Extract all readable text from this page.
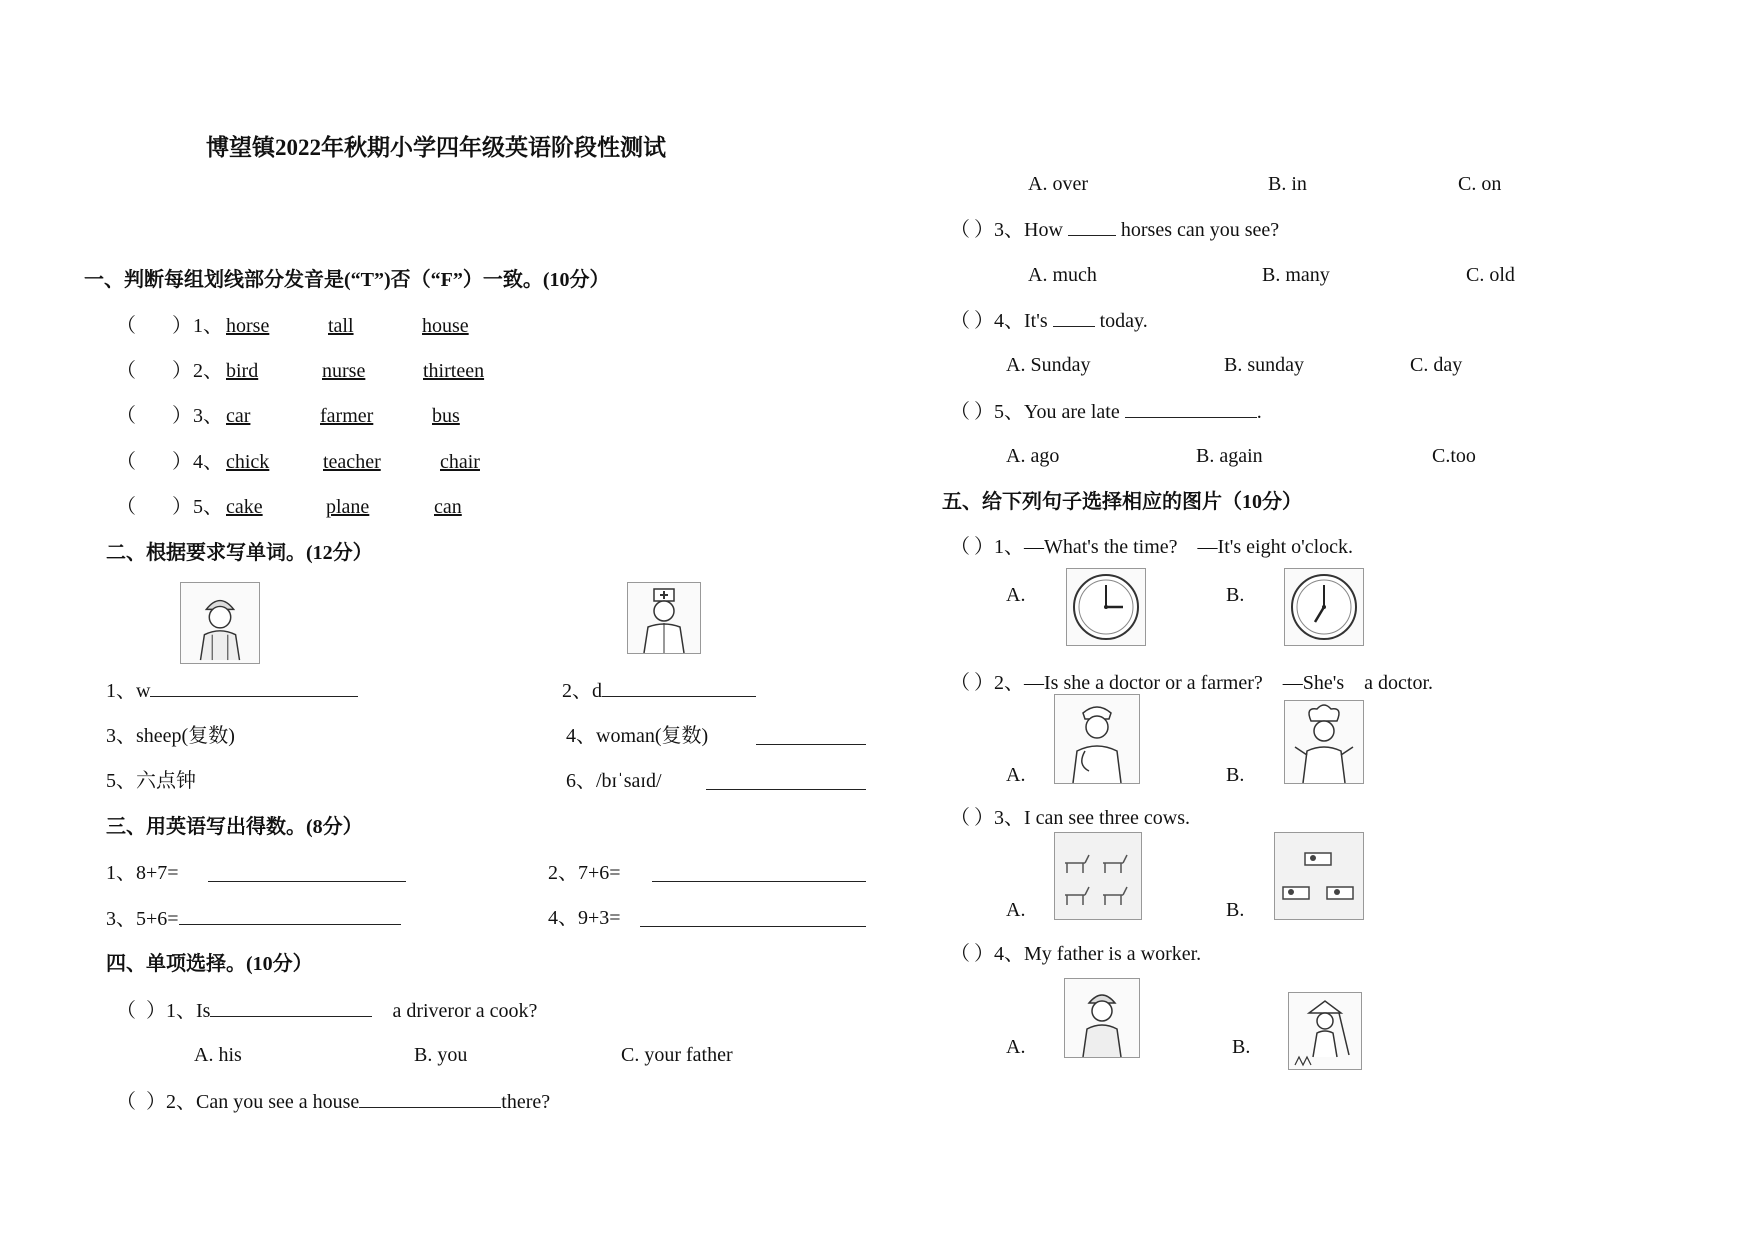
博望镇2022年秋期小学四年级英语阶段性测试
一、判断每组划线部分发音是(“T”)否（“F”）一致。(10分）
（ ） 1、 horse	tall	house
（ ） 2、 bird	nurse	thirteen
（ ） 3、 car	farmer	bus
（ ） 4、 chick	teacher	chair
（ ） 5、 cake	plane	can
二、根据要求写单词。(12分）
1、w	2、d
3、sheep(复数)	4、woman(复数)
5、六点钟	6、/bɪˈsaɪd/
三、用英语写出得数。(8分）
1、8+7=	2、7+6=
3、5+6=	4、9+3=
四、单项选择。(10分）
（ ）1、Is　	a driveror a cook?
A. his	B. you	C. your father
（ ）2、Can you see a house	there?
A. over	B. in	C. on
（ ）3、How	horses can you see?
A. much	B. many	C. old
（ ）4、It's	today.
A. Sunday	B. sunday	C. day
（ ）5、You are late	.
A. ago	B. again	C.too
五、给下列句子选择相应的图片（10分）
（ ）1、—What's the time?　—It's eight o'clock.
A.	B.
（ ）2、—Is she a doctor or a farmer?　—She's　a doctor.
A.	B.
（ ）3、I can see three cows.
A.	B.
（ ）4、My father is a worker.
A.	B.
